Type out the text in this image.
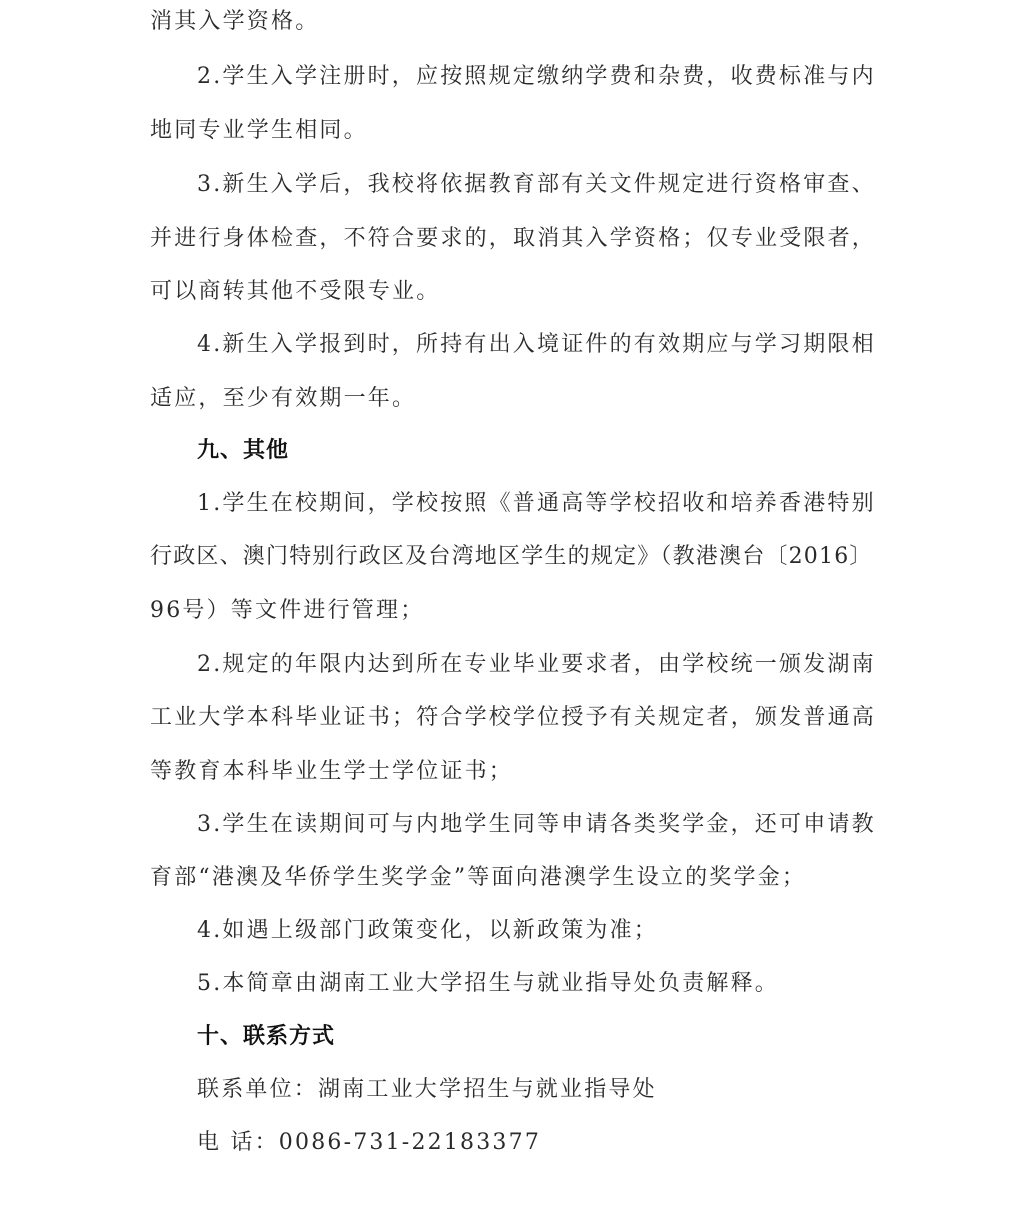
消其入学资格。
2.学生入学注册时，应按照规定缴纳学费和杂费，收费标准与内
地同专业学生相同。
3.新生入学后，我校将依据教育部有关文件规定进行资格审查、
并进行身体检查，不符合要求的，取消其入学资格；仅专业受限者，
可以商转其他不受限专业。
4.新生入学报到时，所持有出入境证件的有效期应与学习期限相
适应，至少有效期一年。
九、其他
1.学生在校期间，学校按照《普通高等学校招收和培养香港特别
行政区、澳门特别行政区及台湾地区学生的规定》（教港澳台〔2016〕
96号）等文件进行管理；
2.规定的年限内达到所在专业毕业要求者，由学校统一颁发湖南
工业大学本科毕业证书；符合学校学位授予有关规定者，颁发普通高
等教育本科毕业生学士学位证书；
3.学生在读期间可与内地学生同等申请各类奖学金，还可申请教
育部“港澳及华侨学生奖学金”等面向港澳学生设立的奖学金；
4.如遇上级部门政策变化，以新政策为准；
5.本简章由湖南工业大学招生与就业指导处负责解释。
十、联系方式
联系单位：湖南工业大学招生与就业指导处
电 话：0086-731-22183377
